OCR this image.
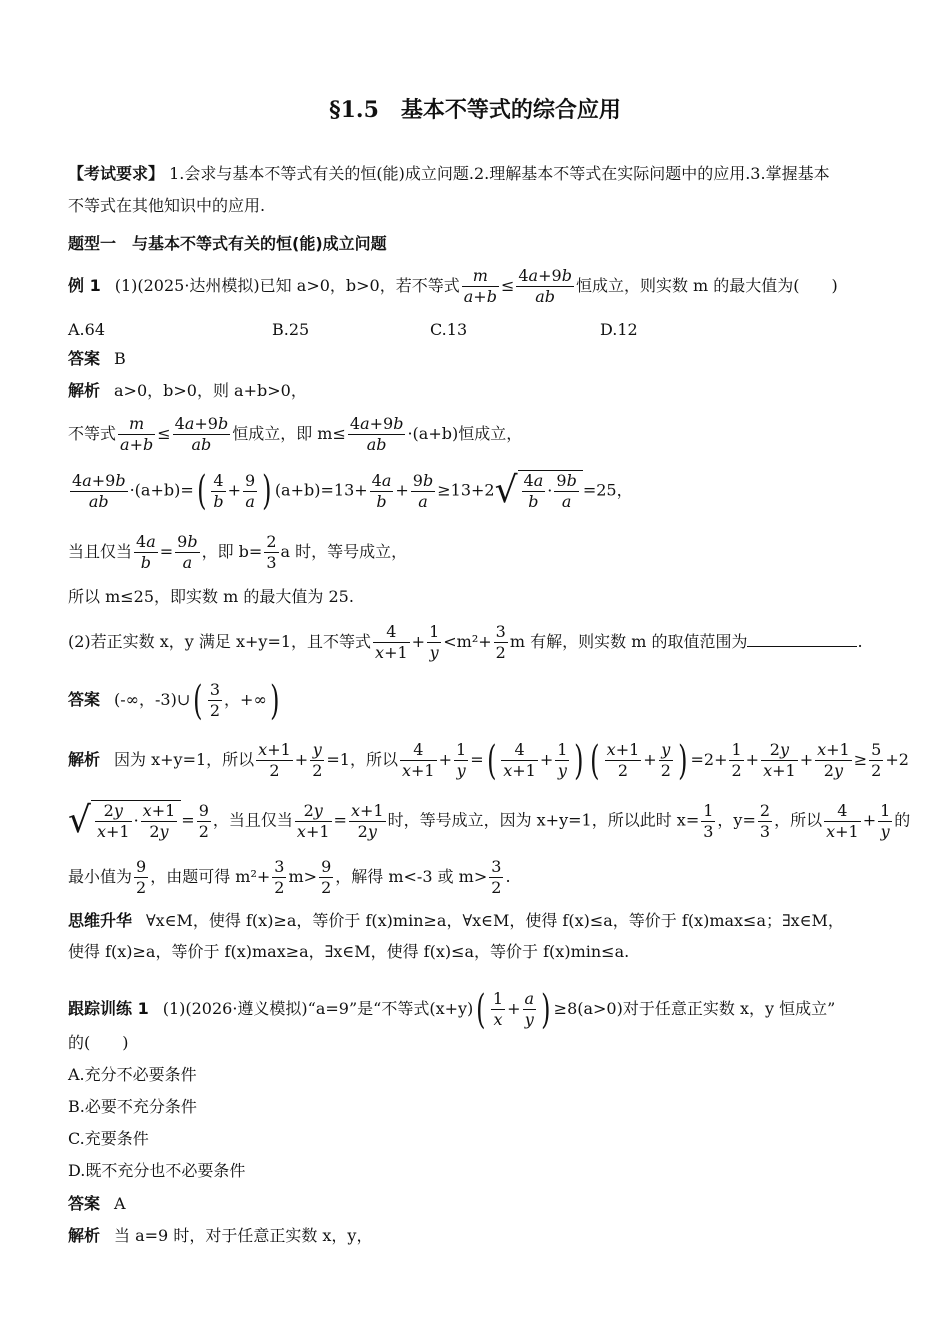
§1.5　基本不等式的综合应用
【考试要求】 1.会求与基本不等式有关的恒(能)成立问题.2.理解基本不等式在实际问题中的应用.3.掌握基本
不等式在其他知识中的应用.
题型一　与基本不等式有关的恒(能)成立问题
例 1 (1)(2025·达州模拟)已知 a>0，b>0，若不等式 $\frac{m}{a+b} \le \frac{4a+9b}{ab}$ 恒成立，则实数 m 的最大值为(　　)
A.64	B.25	C.13	D.12
答案 B
解析 a>0，b>0，则 a+b>0，
不等式 $\frac{m}{a+b} \le \frac{4a+9b}{ab}$ 恒成立，即 $m\le \frac{4a+9b}{ab} \cdot(a+b)$恒成立，
$\frac{4a+9b}{ab} \cdot(a+b)=( \frac{4}{b} + \frac{9}{a}$ ) $(a+b)=13+ \frac{4a}{b} + \frac{9b}{a} \ge 13+2√ \frac{4a}{b} \cdot \frac{9b}{a} =25$，
当且仅当 $\frac{4a}{b} = \frac{9b}{a}$ ，即 $b= \frac{2}{3}$ a 时，等号成立，
所以 m≤25，即实数 m 的最大值为 25.
(2)若正实数 x，y 满足 x+y=1，且不等式 $\frac{4}{x+1} + \frac{1}{y} <m^2+ \frac{3}{2}$ m 有解，则实数 m 的取值范围为	.
答案 (-∞，-3)∪( $\frac{3}{2}$ ，+∞)
解析 因为 x+y=1，所以 $\frac{x+1}{2} + \frac{y}{2} =1$，所以 $\frac{4}{x+1} + \frac{1}{y}$ =( $\frac{4}{x+1} + \frac{1}{y}$ ) ( $\frac{x+1}{2} + \frac{y}{2}$ ) $=2+ \frac{1}{2} + \frac{2y}{x+1} + \frac{x+1}{2y} \ge \frac{5}{2} +2$
√ $\frac{2y}{x+1} \cdot \frac{x+1}{2y} = \frac{9}{2}$ ，当且仅当 $\frac{2y}{x+1} = \frac{x+1}{2y}$ 时，等号成立，因为 x+y=1，所以此时 $x= \frac{1}{3}$ ，$y= \frac{2}{3}$ ，所以 $\frac{4}{x+1} + \frac{1}{y}$ 的
最小值为 $\frac{9}{2}$ ，由题可得 $m^2+ \frac{3}{2} m> \frac{9}{2}$ ，解得 m<-3 或 $m> \frac{3}{2}$ .
思维升华 ∀x∈M，使得 f(x)≥a，等价于 f(x)min≥a，∀x∈M，使得 f(x)≤a，等价于 f(x)max≤a；∃x∈M，
使得 f(x)≥a，等价于 f(x)max≥a，∃x∈M，使得 f(x)≤a，等价于 f(x)min≤a.
跟踪训练 1 (1)(2026·遵义模拟)“a=9”是“不等式$(x+y)( \frac{1}{x} + \frac{a}{y}$ ) ≥8(a>0)对于任意正实数 x，y 恒成立”
的(　　)
A.充分不必要条件
B.必要不充分条件
C.充要条件
D.既不充分也不必要条件
答案 A
解析 当 a=9 时，对于任意正实数 x，y，
